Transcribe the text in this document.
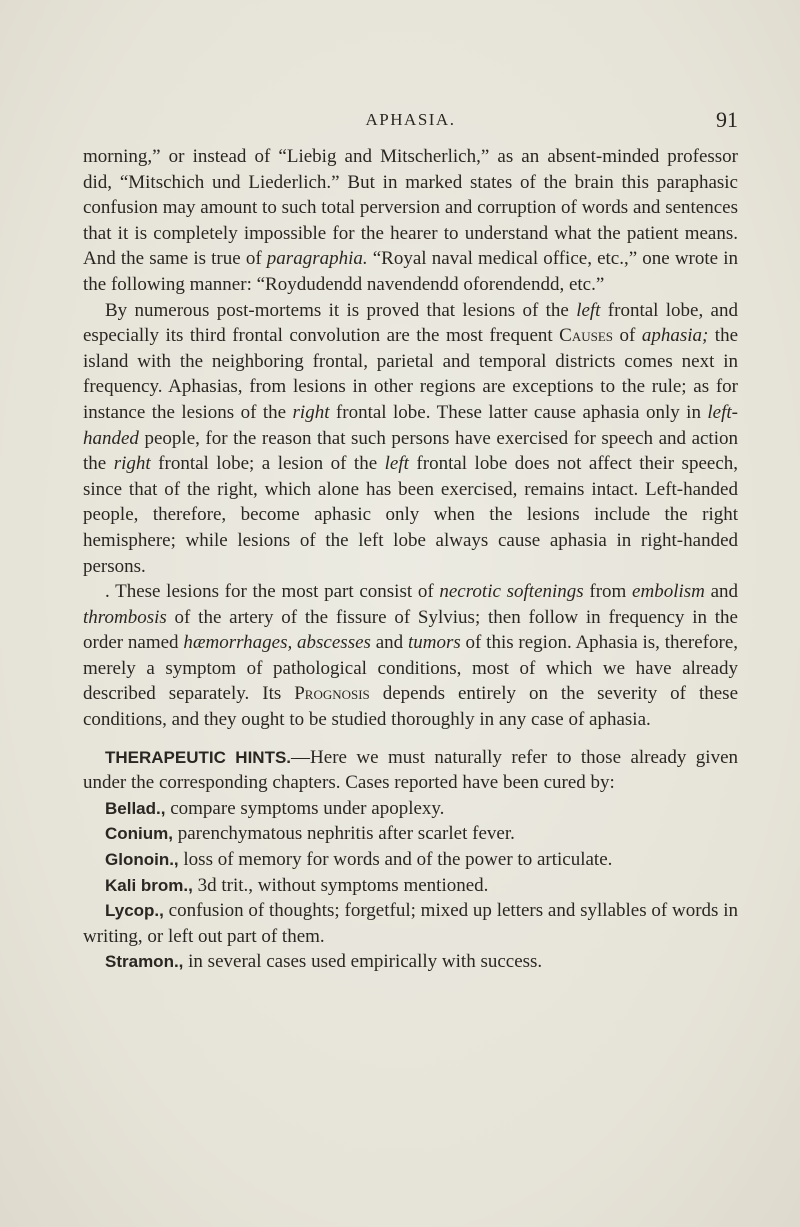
APHASIA.	91

morning,” or instead of “Liebig and Mitscherlich,” as an absent-minded professor did, “Mitschich und Liederlich.” But in marked states of the brain this paraphasic confusion may amount to such total perversion and corruption of words and sentences that it is completely impossible for the hearer to understand what the patient means. And the same is true of paragraphia. “Royal naval medical office, etc.,” one wrote in the following manner: “Roydudendd navendendd oforendendd, etc.”

By numerous post-mortems it is proved that lesions of the left frontal lobe, and especially its third frontal convolution are the most frequent Causes of aphasia; the island with the neighboring frontal, parietal and temporal districts comes next in frequency. Aphasias, from lesions in other regions are exceptions to the rule; as for instance the lesions of the right frontal lobe. These latter cause aphasia only in left-handed people, for the reason that such persons have exercised for speech and action the right frontal lobe; a lesion of the left frontal lobe does not affect their speech, since that of the right, which alone has been exercised, remains intact. Left-handed people, therefore, become aphasic only when the lesions include the right hemisphere; while lesions of the left lobe always cause aphasia in right-handed persons.

. These lesions for the most part consist of necrotic softenings from embolism and thrombosis of the artery of the fissure of Sylvius; then follow in frequency in the order named hæmorrhages, abscesses and tumors of this region. Aphasia is, therefore, merely a symptom of pathological conditions, most of which we have already described separately. Its Prognosis depends entirely on the severity of these conditions, and they ought to be studied thoroughly in any case of aphasia.

THERAPEUTIC HINTS.—Here we must naturally refer to those already given under the corresponding chapters. Cases reported have been cured by:

Bellad., compare symptoms under apoplexy.

Conium, parenchymatous nephritis after scarlet fever.

Glonoin., loss of memory for words and of the power to articulate.

Kali brom., 3d trit., without symptoms mentioned.

Lycop., confusion of thoughts; forgetful; mixed up letters and syllables of words in writing, or left out part of them.

Stramon., in several cases used empirically with success.
